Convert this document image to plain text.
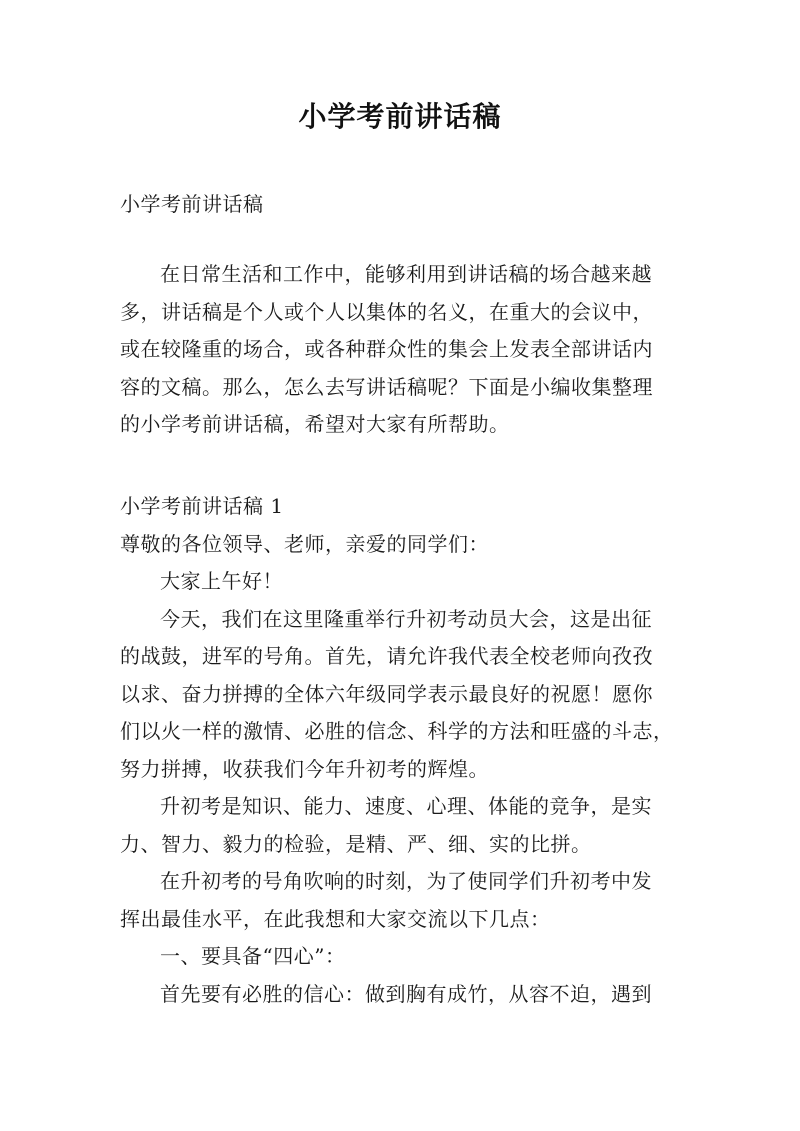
小学考前讲话稿
小学考前讲话稿
在日常生活和工作中，能够利用到讲话稿的场合越来越
多，讲话稿是个人或个人以集体的名义，在重大的会议中，
或在较隆重的场合，或各种群众性的集会上发表全部讲话内
容的文稿。那么，怎么去写讲话稿呢？下面是小编收集整理
的小学考前讲话稿，希望对大家有所帮助。
小学考前讲话稿 1
尊敬的各位领导、老师，亲爱的同学们：
大家上午好！
今天，我们在这里隆重举行升初考动员大会，这是出征
的战鼓，进军的号角。首先，请允许我代表全校老师向孜孜
以求、奋力拼搏的全体六年级同学表示最良好的祝愿！愿你
们以火一样的激情、必胜的信念、科学的方法和旺盛的斗志，
努力拼搏，收获我们今年升初考的辉煌。
升初考是知识、能力、速度、心理、体能的竞争，是实
力、智力、毅力的检验，是精、严、细、实的比拼。
在升初考的号角吹响的时刻，为了使同学们升初考中发
挥出最佳水平，在此我想和大家交流以下几点：
一、要具备“四心”：
首先要有必胜的信心：做到胸有成竹，从容不迫，遇到
